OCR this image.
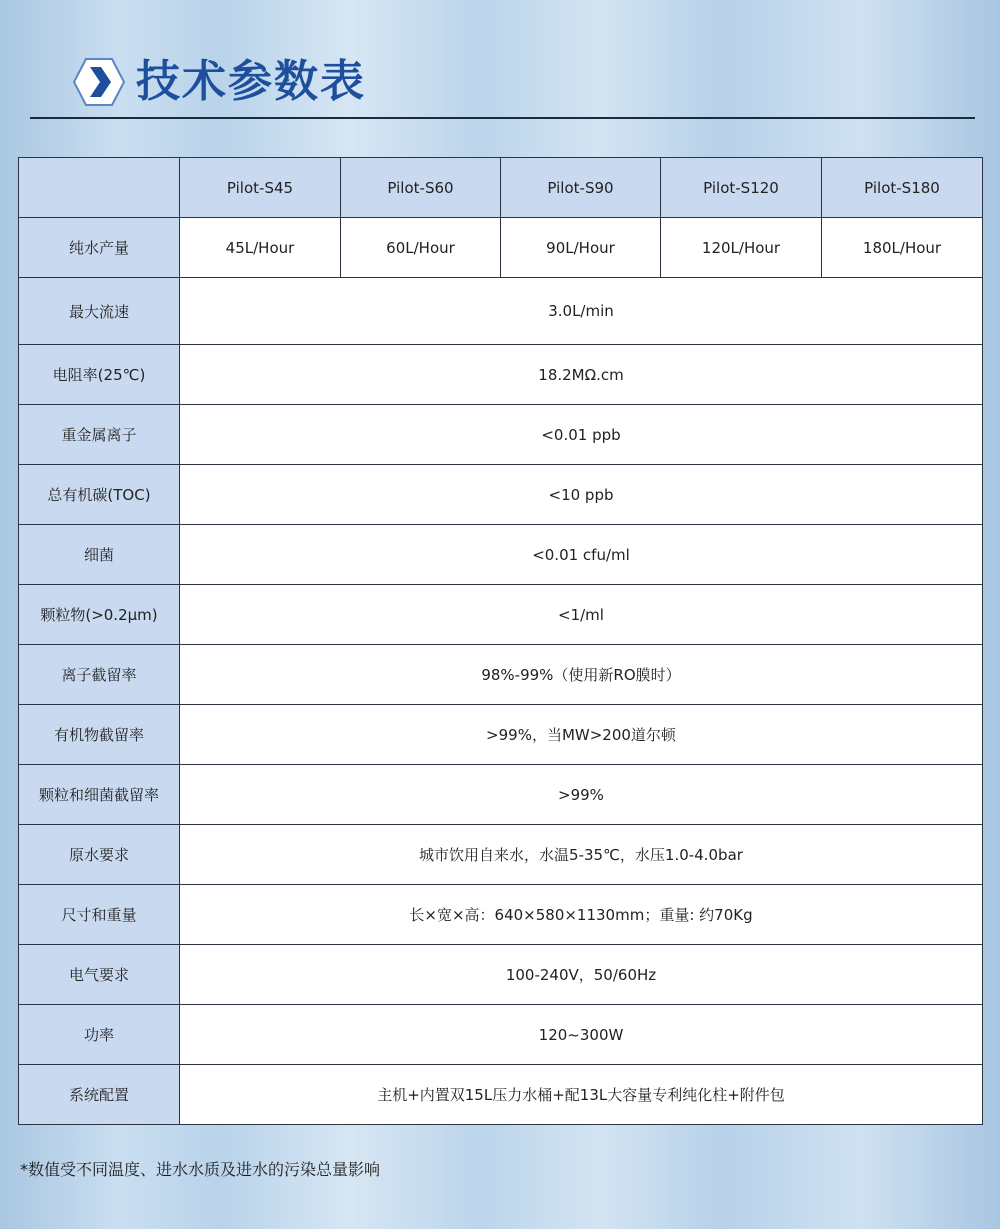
技术参数表
	Pilot-S45	Pilot-S60	Pilot-S90	Pilot-S120	Pilot-S180
纯水产量	45L/Hour	60L/Hour	90L/Hour	120L/Hour	180L/Hour
最大流速	3.0L/min				
电阻率(25℃)	18.2MΩ.cm				
重金属离子	<0.01 ppb				
总有机碳(TOC)	<10 ppb				
细菌	<0.01 cfu/ml				
颗粒物(>0.2μm)	<1/ml				
离子截留率	98%-99%（使用新RO膜时）				
有机物截留率	>99%，当MW>200道尔顿				
颗粒和细菌截留率	>99%				
原水要求	城市饮用自来水，水温5-35℃，水压1.0-4.0bar				
尺寸和重量	长×宽×高：640×580×1130mm；重量: 约70Kg				
电气要求	100-240V，50/60Hz				
功率	120~300W				
系统配置	主机+内置双15L压力水桶+配13L大容量专利纯化柱+附件包				
*数值受不同温度、进水水质及进水的污染总量影响
